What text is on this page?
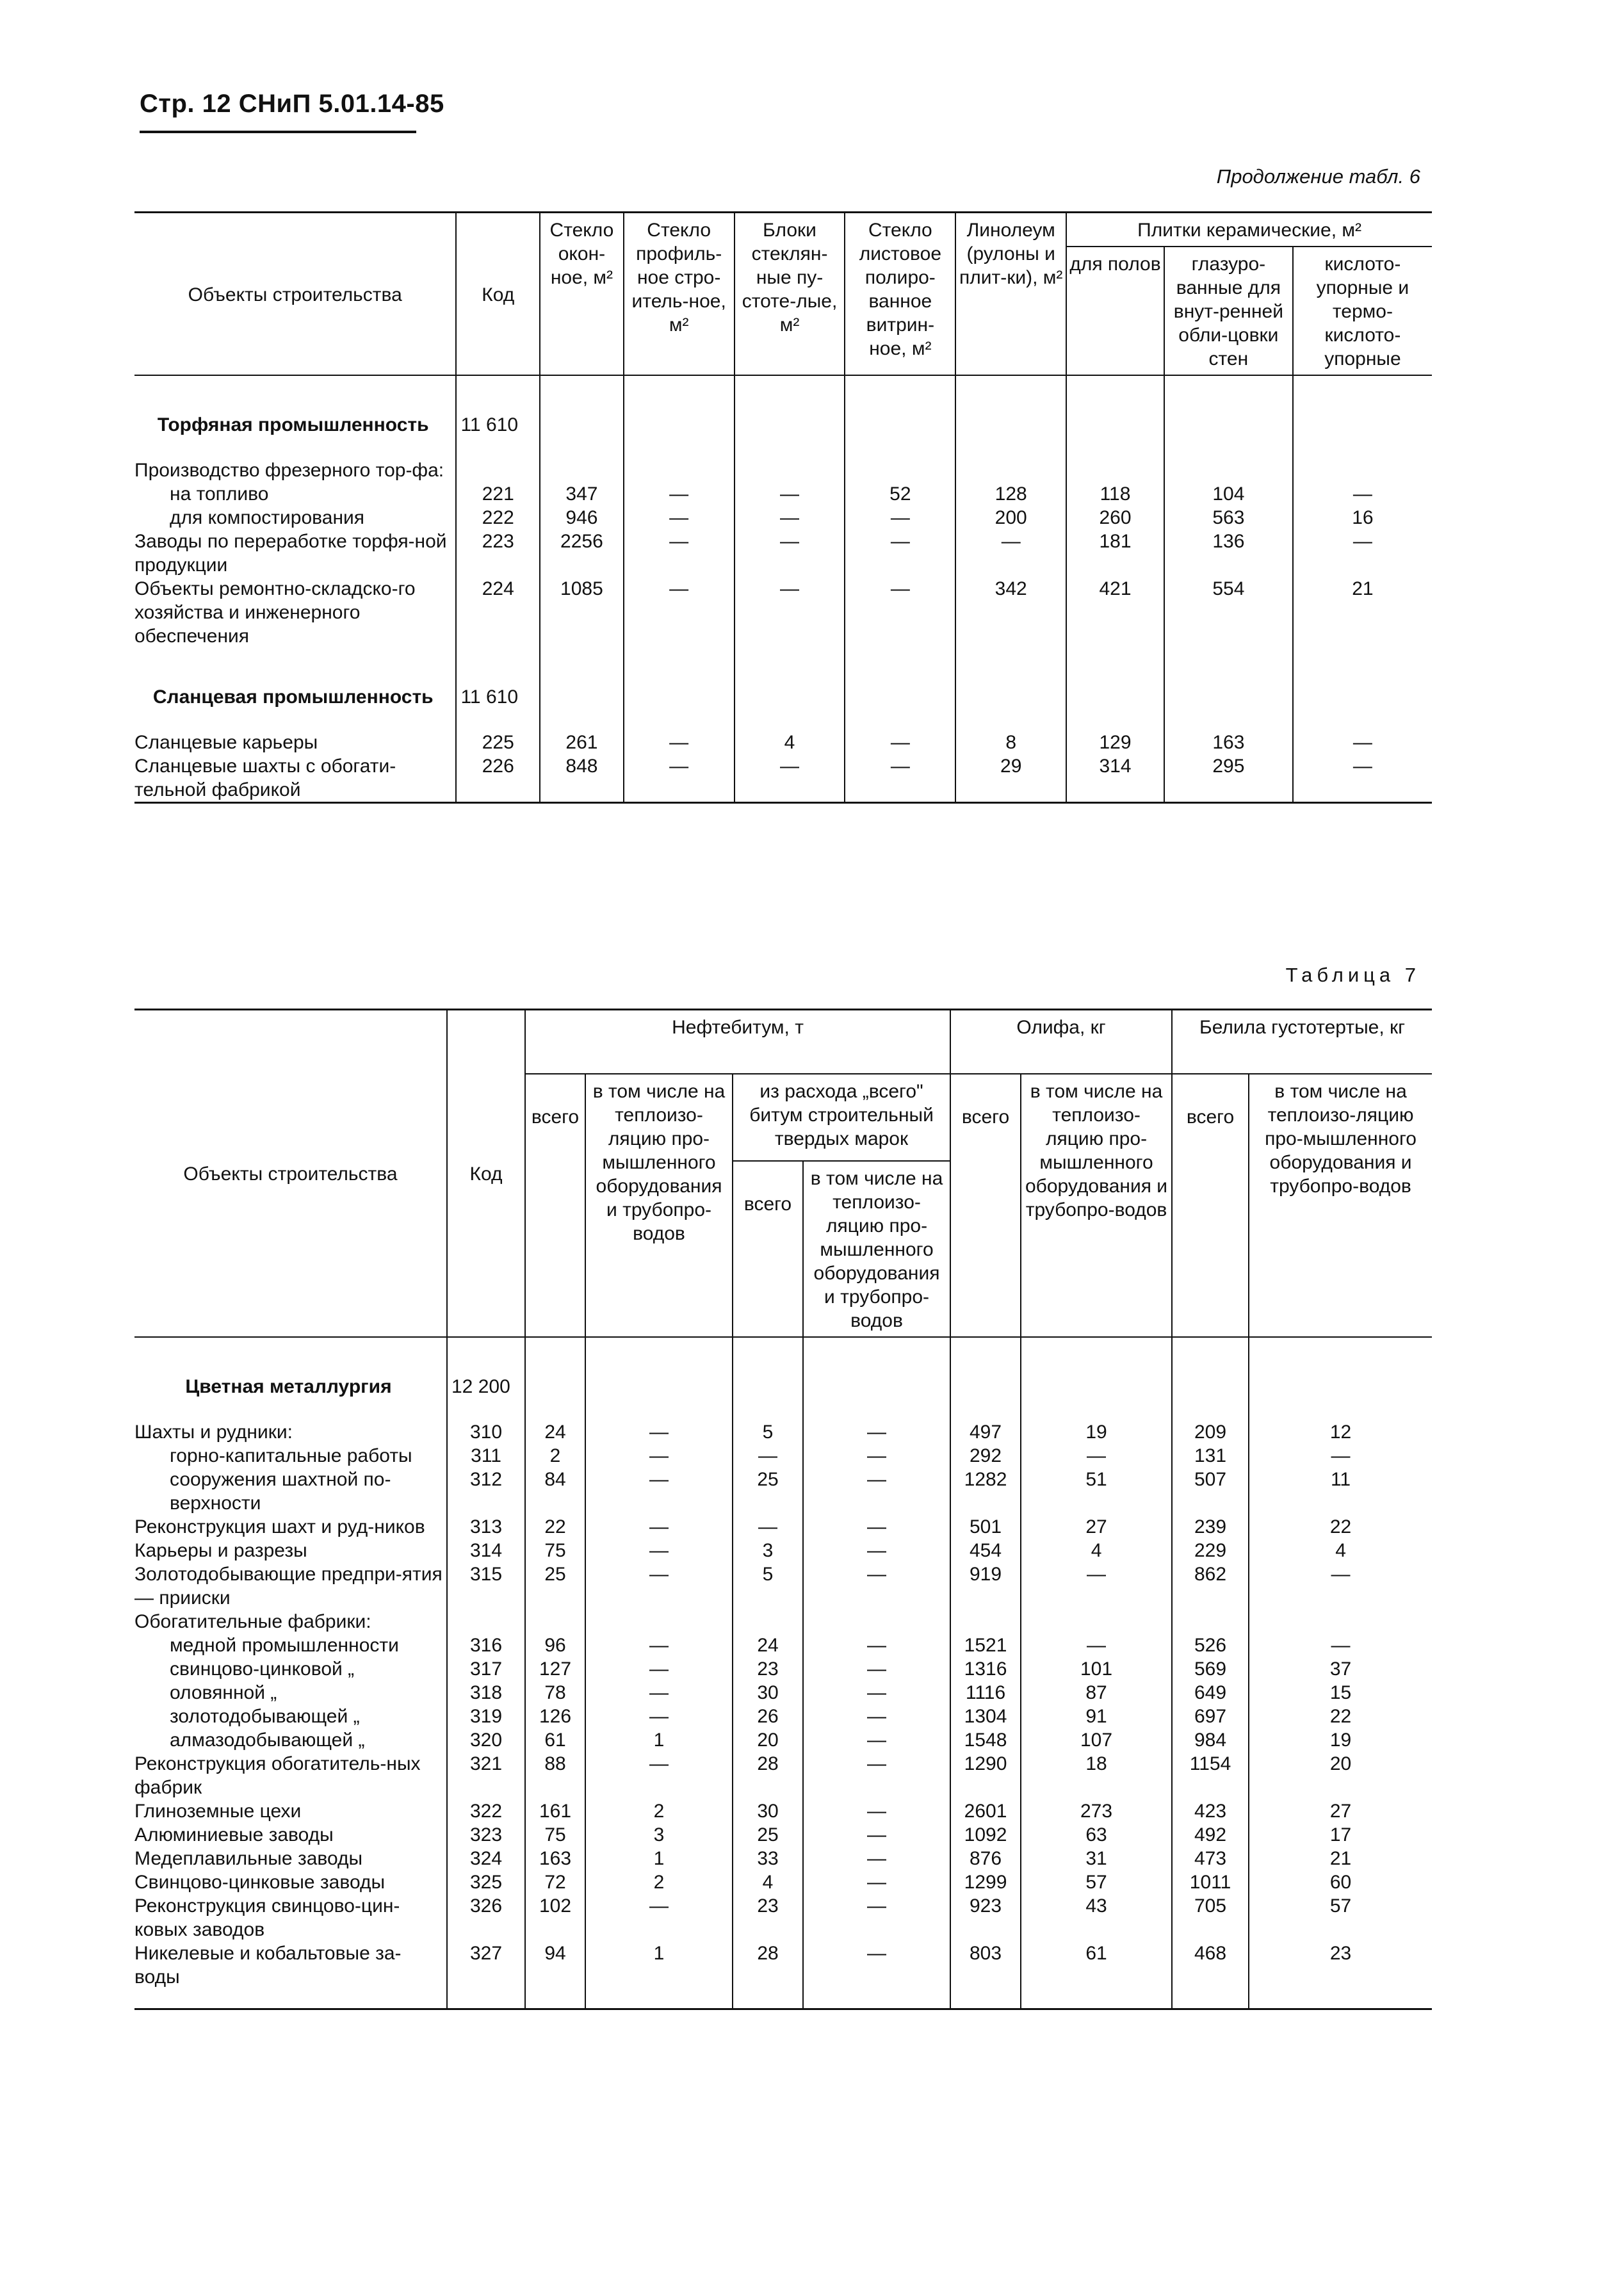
Стр. 12 СНиП 5.01.14-85
Продолжение табл. 6
Объекты строительства	Код	Стекло окон-ное, м²	Стекло профиль-ное стро-итель-ное, м²	Блоки стеклян-ные пу-стоте-лые, м²	Стекло листовое полиро-ванное витрин-ное, м²	Линолеум (рулоны и плит-ки), м²	Плитки керамические, м²		
							для полов	глазуро-ванные для внут-ренней обли-цовки стен	кислото-упорные и термо-кислото-упорные
Торфяная промышленность	11 610								
Производство фрезерного тор-фа:									
на топливо	221	347	—	—	52	128	118	104	—
для компостирования	222	946	—	—	—	200	260	563	16
Заводы по переработке торфя-ной продукции	223	2256	—	—	—	—	181	136	—
Объекты ремонтно-складско-го хозяйства и инженерного обеспечения	224	1085	—	—	—	342	421	554	21
Сланцевая промышленность	11 610								
Сланцевые карьеры	225	261	—	4	—	8	129	163	—
Сланцевые шахты с обогати-тельной фабрикой	226	848	—	—	—	29	314	295	—
Таблица 7
Объекты строительства	Код	Нефтебитум, т				Олифа, кг		Белила густотертые, кг	
		всего	в том числе на теплоизо-ляцию про-мышленного оборудования и трубопро-водов	из расхода „всего" битум строительный твердых марок		всего	в том числе на теплоизо-ляцию про-мышленного оборудования и трубопро-водов	всего	в том числе на теплоизо-ляцию про-мышленного оборудования и трубопро-водов
				всего	в том числе на теплоизо-ляцию про-мышленного оборудования и трубопро-водов				
Цветная металлургия	12 200								
Шахты и рудники:	310	24	—	5	—	497	19	209	12
горно-капитальные работы	311	2	—	—	—	292	—	131	—
сооружения шахтной по-верхности	312	84	—	25	—	1282	51	507	11
Реконструкция шахт и руд-ников	313	22	—	—	—	501	27	239	22
Карьеры и разрезы	314	75	—	3	—	454	4	229	4
Золотодобывающие предпри-ятия — прииски	315	25	—	5	—	919	—	862	—
Обогатительные фабрики:									
медной промышленности	316	96	—	24	—	1521	—	526	—
свинцово-цинковой „	317	127	—	23	—	1316	101	569	37
оловянной „	318	78	—	30	—	1116	87	649	15
золотодобывающей „	319	126	—	26	—	1304	91	697	22
алмазодобывающей „	320	61	1	20	—	1548	107	984	19
Реконструкция обогатитель-ных фабрик	321	88	—	28	—	1290	18	1154	20
Глиноземные цехи	322	161	2	30	—	2601	273	423	27
Алюминиевые заводы	323	75	3	25	—	1092	63	492	17
Медеплавильные заводы	324	163	1	33	—	876	31	473	21
Свинцово-цинковые заводы	325	72	2	4	—	1299	57	1011	60
Реконструкция свинцово-цин-ковых заводов	326	102	—	23	—	923	43	705	57
Никелевые и кобальтовые за-воды	327	94	1	28	—	803	61	468	23
